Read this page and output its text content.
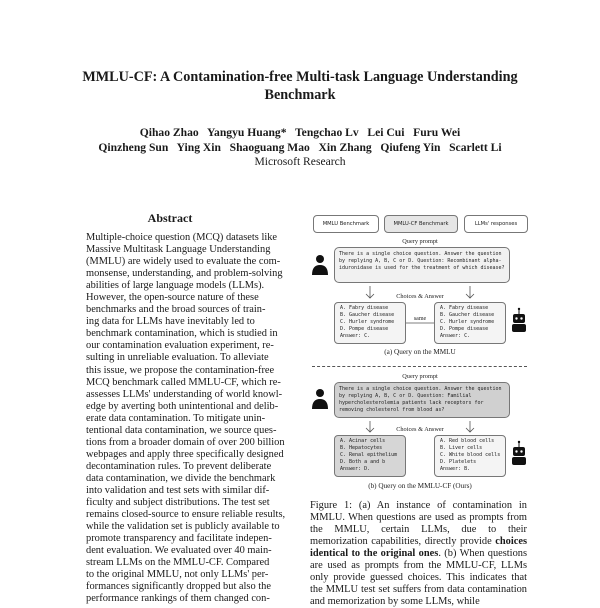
MMLU-CF: A Contamination-free Multi-task Language Understanding
Benchmark
Qihao Zhao   Yangyu Huang*   Tengchao Lv   Lei Cui   Furu Wei
Qinzheng Sun   Ying Xin   Shaoguang Mao   Xin Zhang   Qiufeng Yin   Scarlett Li
Microsoft Research
Abstract
Multiple-choice question (MCQ) datasets like
Massive Multitask Language Understanding
(MMLU) are widely used to evaluate the com-
monsense, understanding, and problem-solving
abilities of large language models (LLMs).
However, the open-source nature of these
benchmarks and the broad sources of train-
ing data for LLMs have inevitably led to
benchmark contamination, which is studied in
our contamination evaluation experiment, re-
sulting in unreliable evaluation. To alleviate
this issue, we propose the contamination-free
MCQ benchmark called MMLU-CF, which re-
assesses LLMs' understanding of world knowl-
edge by averting both unintentional and delib-
erate data contamination. To mitigate unin-
tentional data contamination, we source ques-
tions from a broader domain of over 200 billion
webpages and apply three specifically designed
decontamination rules. To prevent deliberate
data contamination, we divide the benchmark
into validation and test sets with similar dif-
ficulty and subject distributions. The test set
remains closed-source to ensure reliable results,
while the validation set is publicly available to
promote transparency and facilitate indepen-
dent evaluation. We evaluated over 40 main-
stream LLMs on the MMLU-CF. Compared
to the original MMLU, not only LLMs' per-
formances significantly dropped but also the
performance rankings of them changed con-
MMLU Benchmark	MMLU-CF Benchmark	LLMs' responses
Query prompt
There is a single choice question. Answer the question by replying A, B, C or D. Question: Recombinant alpha-iduronidase is used for the treatment of which disease?
Choices & Answer
A. Fabry disease
B. Gaucher disease
C. Hurler syndrome
D. Pompe disease
Answer: C.
same
A. Fabry disease
B. Gaucher disease
C. Hurler syndrome
D. Pompe disease
Answer: C.
(a) Query on the MMLU
Query prompt
There is a single choice question. Answer the question by replying A, B, C or D. Question: Familial hypercholesterolemia patients lack receptors for removing cholesterol from blood as?
Choices & Answer
A. Acinar cells
B. Hepatocytes
C. Renal epithelium
D. Both a and b
Answer: D.
A. Red blood cells
B. Liver cells
C. White blood cells
D. Platelets
Answer: B.
(b) Query on the MMLU-CF (Ours)
Figure 1: (a) An instance of contamination in MMLU. When questions are used as prompts from the MMLU, certain LLMs, due to their memorization capabilities, directly provide choices identical to the original ones. (b) When questions are used as prompts from the MMLU-CF, LLMs only provide guessed choices. This indicates that the MMLU test set suffers from data contamination and memorization by some LLMs, while
